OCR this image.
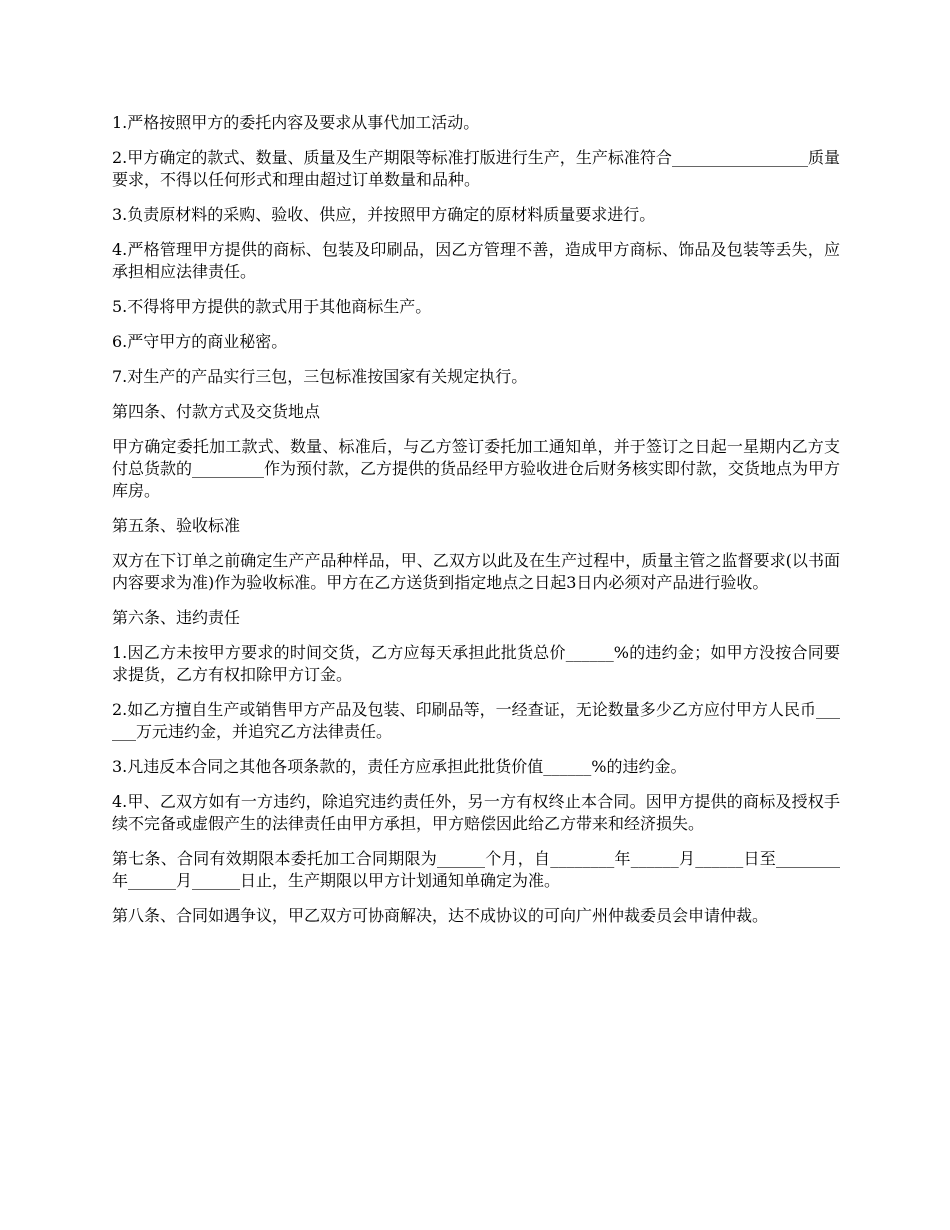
1.严格按照甲方的委托内容及要求从事代加工活动。

2.甲方确定的款式、数量、质量及生产期限等标准打版进行生产，生产标准符合_________________质量要求，不得以任何形式和理由超过订单数量和品种。

3.负责原材料的采购、验收、供应，并按照甲方确定的原材料质量要求进行。

4.严格管理甲方提供的商标、包装及印刷品，因乙方管理不善，造成甲方商标、饰品及包装等丢失，应承担相应法律责任。

5.不得将甲方提供的款式用于其他商标生产。

6.严守甲方的商业秘密。

7.对生产的产品实行三包，三包标准按国家有关规定执行。

第四条、付款方式及交货地点

甲方确定委托加工款式、数量、标准后，与乙方签订委托加工通知单，并于签订之日起一星期内乙方支付总货款的_________作为预付款，乙方提供的货品经甲方验收进仓后财务核实即付款，交货地点为甲方库房。

第五条、验收标准

双方在下订单之前确定生产产品种样品，甲、乙双方以此及在生产过程中，质量主管之监督要求(以书面内容要求为准)作为验收标准。甲方在乙方送货到指定地点之日起3日内必须对产品进行验收。

第六条、违约责任

1.因乙方未按甲方要求的时间交货，乙方应每天承担此批货总价______%的违约金；如甲方没按合同要求提货，乙方有权扣除甲方订金。

2.如乙方擅自生产或销售甲方产品及包装、印刷品等，一经查证，无论数量多少乙方应付甲方人民币______万元违约金，并追究乙方法律责任。

3.凡违反本合同之其他各项条款的，责任方应承担此批货价值______%的违约金。

4.甲、乙双方如有一方违约，除追究违约责任外，另一方有权终止本合同。因甲方提供的商标及授权手续不完备或虚假产生的法律责任由甲方承担，甲方赔偿因此给乙方带来和经济损失。

第七条、合同有效期限本委托加工合同期限为______个月，自________年______月______日至________年______月______日止，生产期限以甲方计划通知单确定为准。

第八条、合同如遇争议，甲乙双方可协商解决，达不成协议的可向广州仲裁委员会申请仲裁。
